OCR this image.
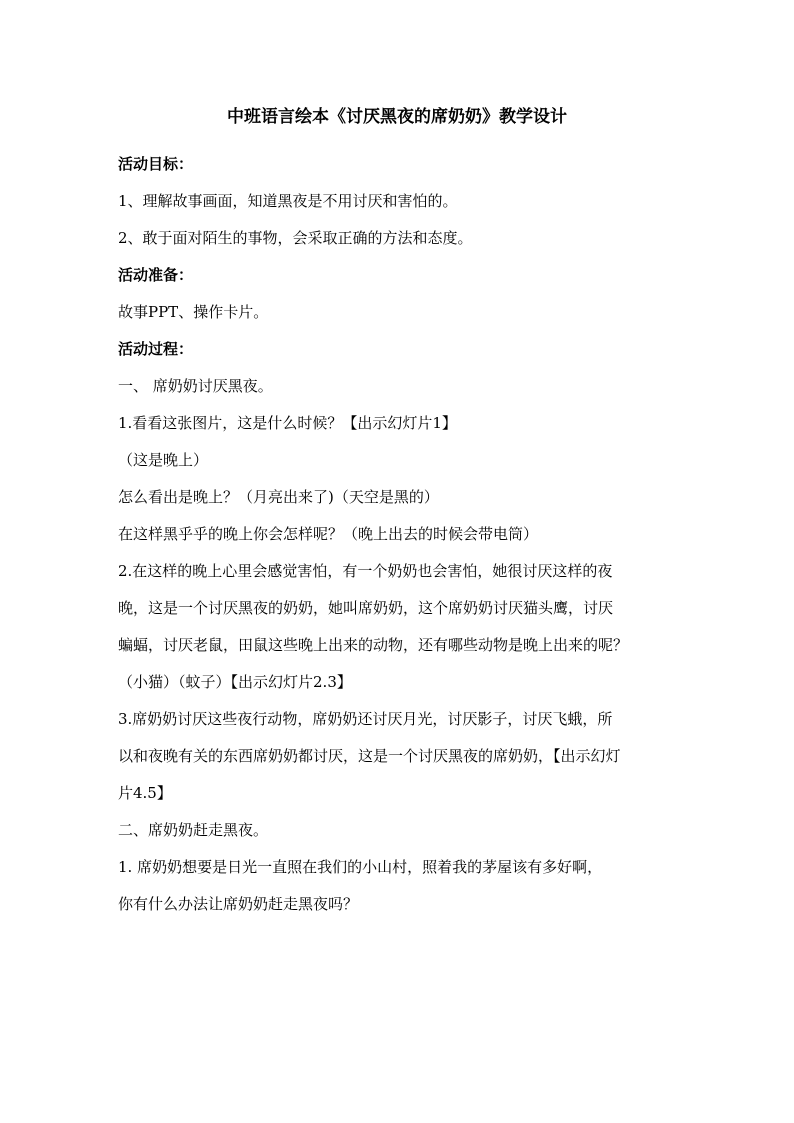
中班语言绘本《讨厌黑夜的席奶奶》教学设计
活动目标：
1、理解故事画面，知道黑夜是不用讨厌和害怕的。
2、敢于面对陌生的事物，会采取正确的方法和态度。
活动准备：
故事PPT、操作卡片。
活动过程：
一、 席奶奶讨厌黑夜。
1.看看这张图片，这是什么时候？【出示幻灯片1】
（这是晚上）
怎么看出是晚上？（月亮出来了)（天空是黑的）
在这样黑乎乎的晚上你会怎样呢？（晚上出去的时候会带电筒）
2.在这样的晚上心里会感觉害怕，有一个奶奶也会害怕，她很讨厌这样的夜
晚，这是一个讨厌黑夜的奶奶，她叫席奶奶，这个席奶奶讨厌猫头鹰，讨厌
蝙蝠，讨厌老鼠，田鼠这些晚上出来的动物，还有哪些动物是晚上出来的呢？
（小猫）（蚊子）【出示幻灯片2.3】
3.席奶奶讨厌这些夜行动物，席奶奶还讨厌月光，讨厌影子，讨厌飞蛾，所
以和夜晚有关的东西席奶奶都讨厌，这是一个讨厌黑夜的席奶奶，【出示幻灯
片4.5】
二、席奶奶赶走黑夜。
1. 席奶奶想要是日光一直照在我们的小山村，照着我的茅屋该有多好啊，
你有什么办法让席奶奶赶走黑夜吗？
